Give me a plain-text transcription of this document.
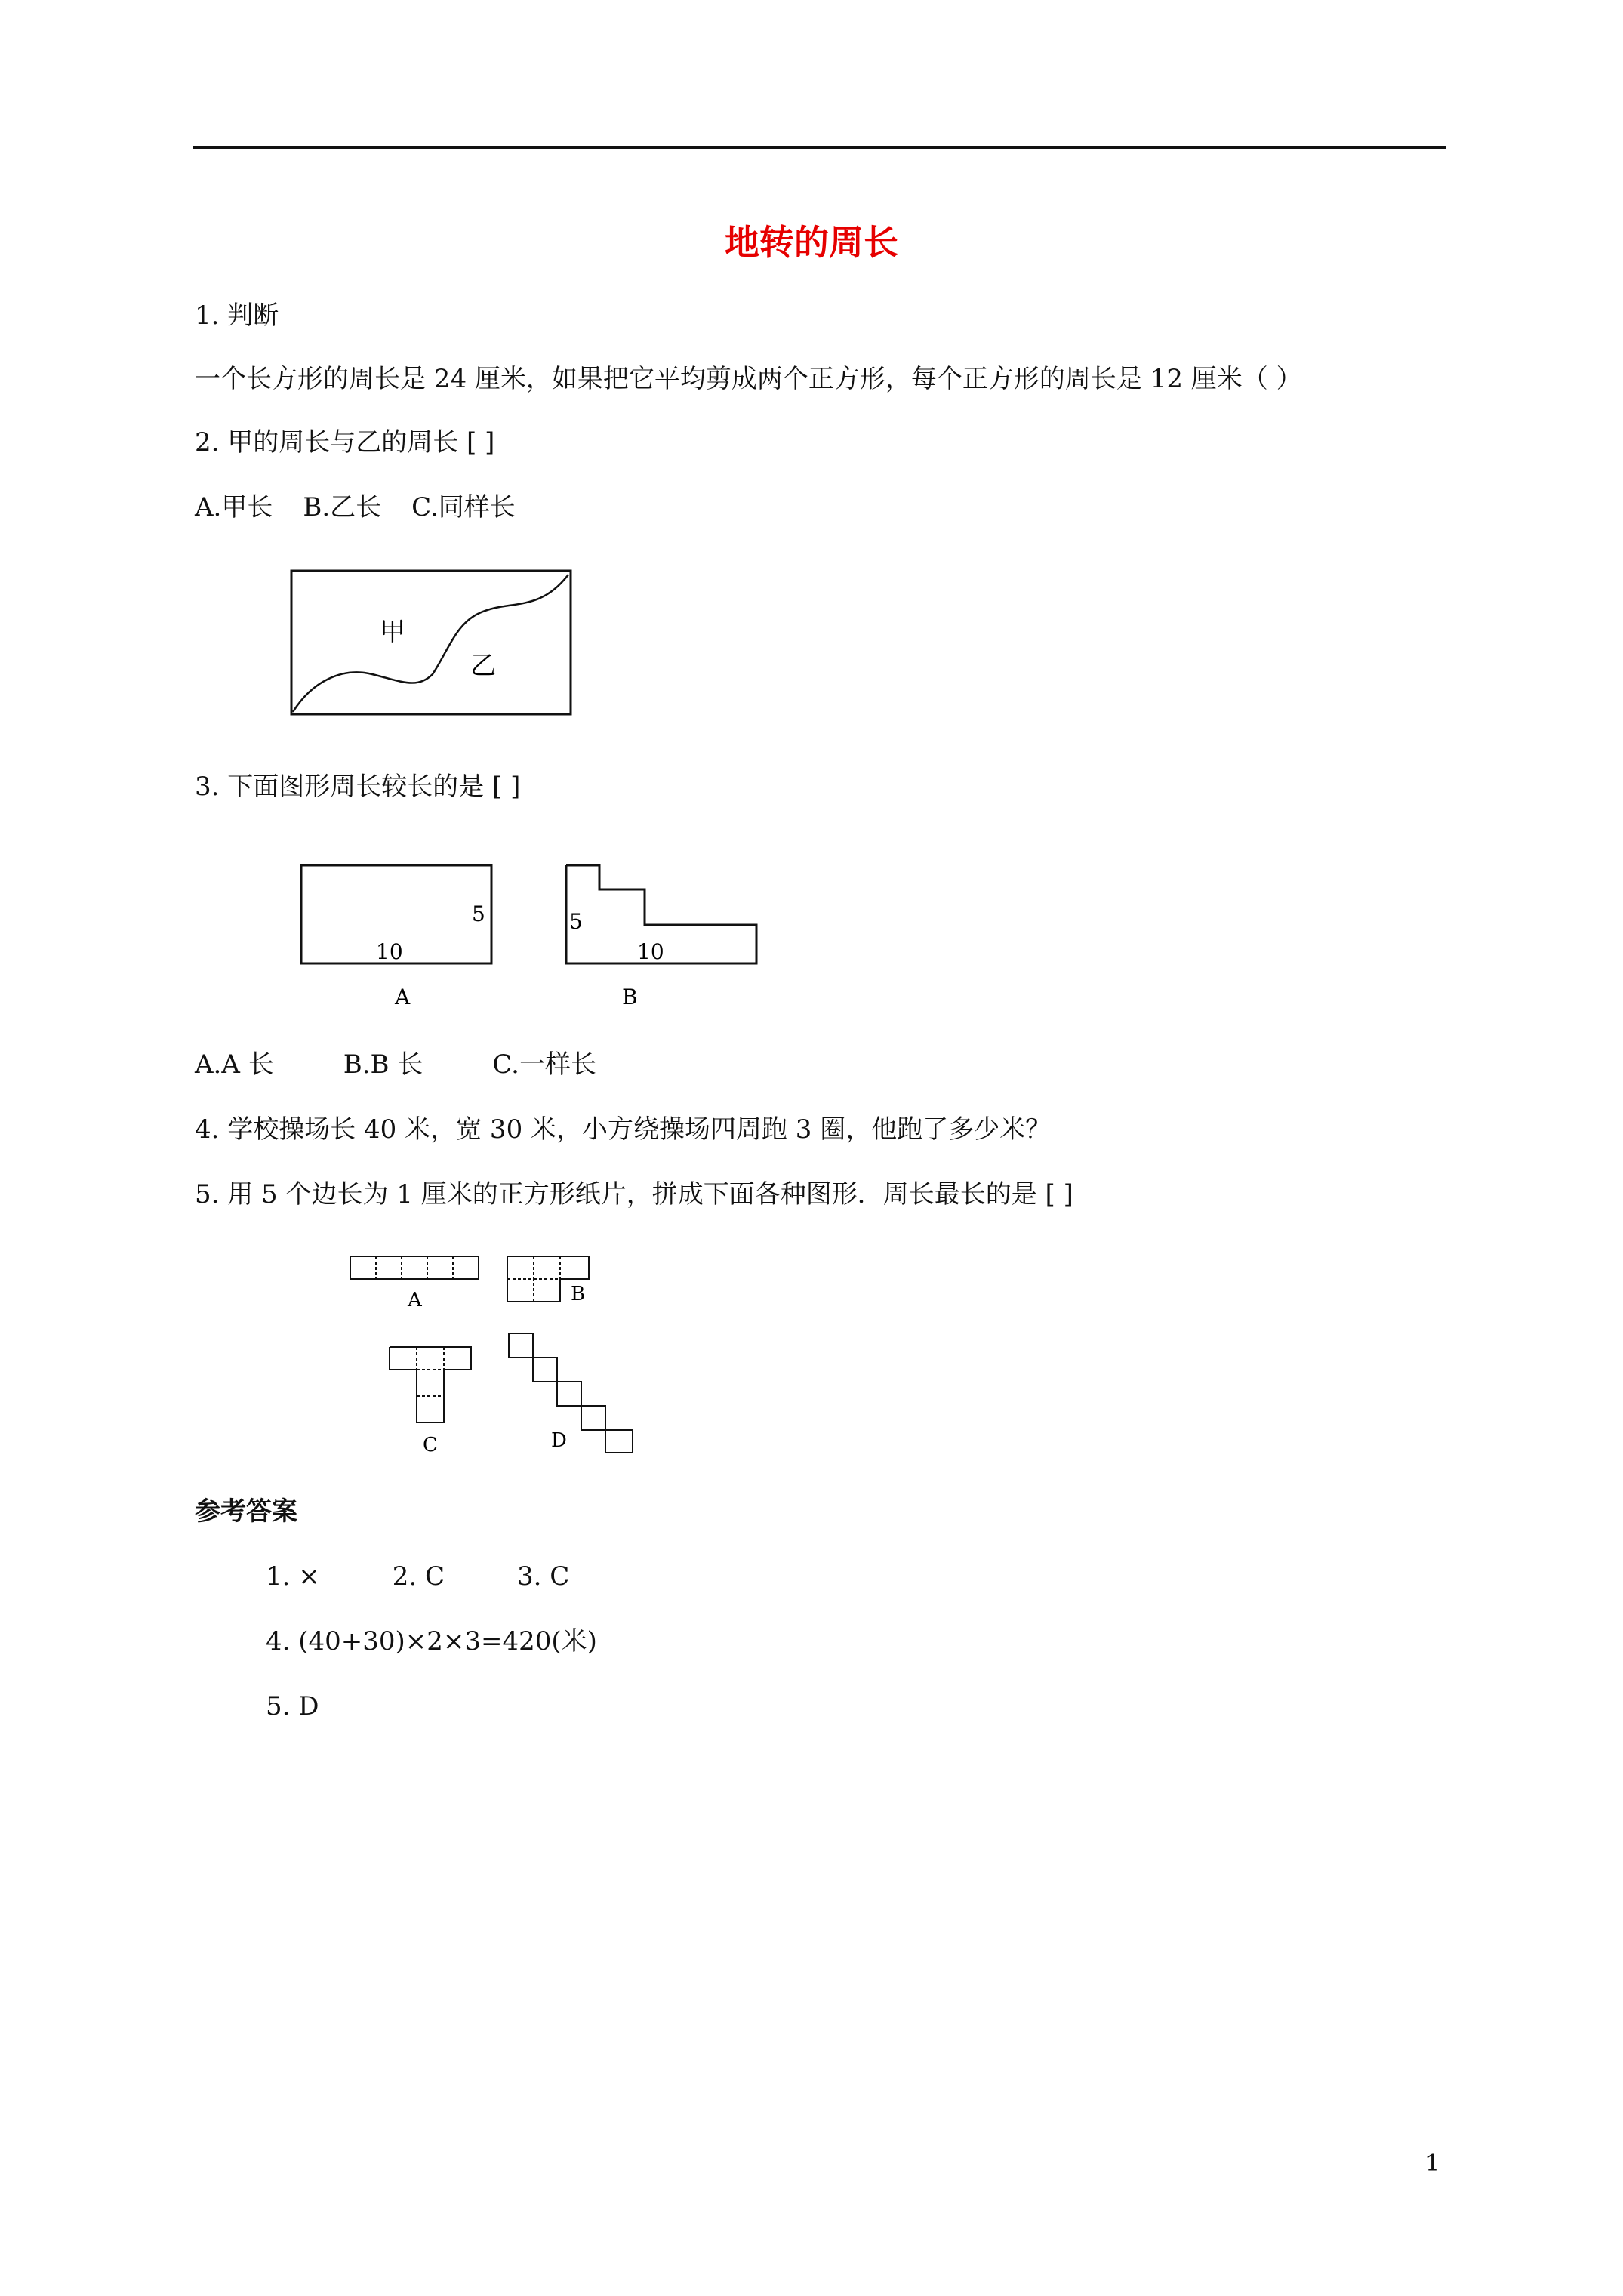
地转的周长
1. 判断
一个长方形的周长是 24 厘米，如果把它平均剪成两个正方形，每个正方形的周长是 12 厘米（ ）
2. 甲的周长与乙的周长 [ ]
A.甲长 B.乙长 C.同样长
甲
乙
3. 下面图形周长较长的是 [ ]
10
5
A
10
5
B
A.A 长	B.B 长	C.一样长
4. 学校操场长 40 米，宽 30 米，小方绕操场四周跑 3 圈，他跑了多少米？
5. 用 5 个边长为 1 厘米的正方形纸片，拼成下面各种图形．周长最长的是 [ ]
A	B
C	D
参考答案
1. ×	2. C	3. C
4. (40+30)×2×3=420(米)
5. D
1
